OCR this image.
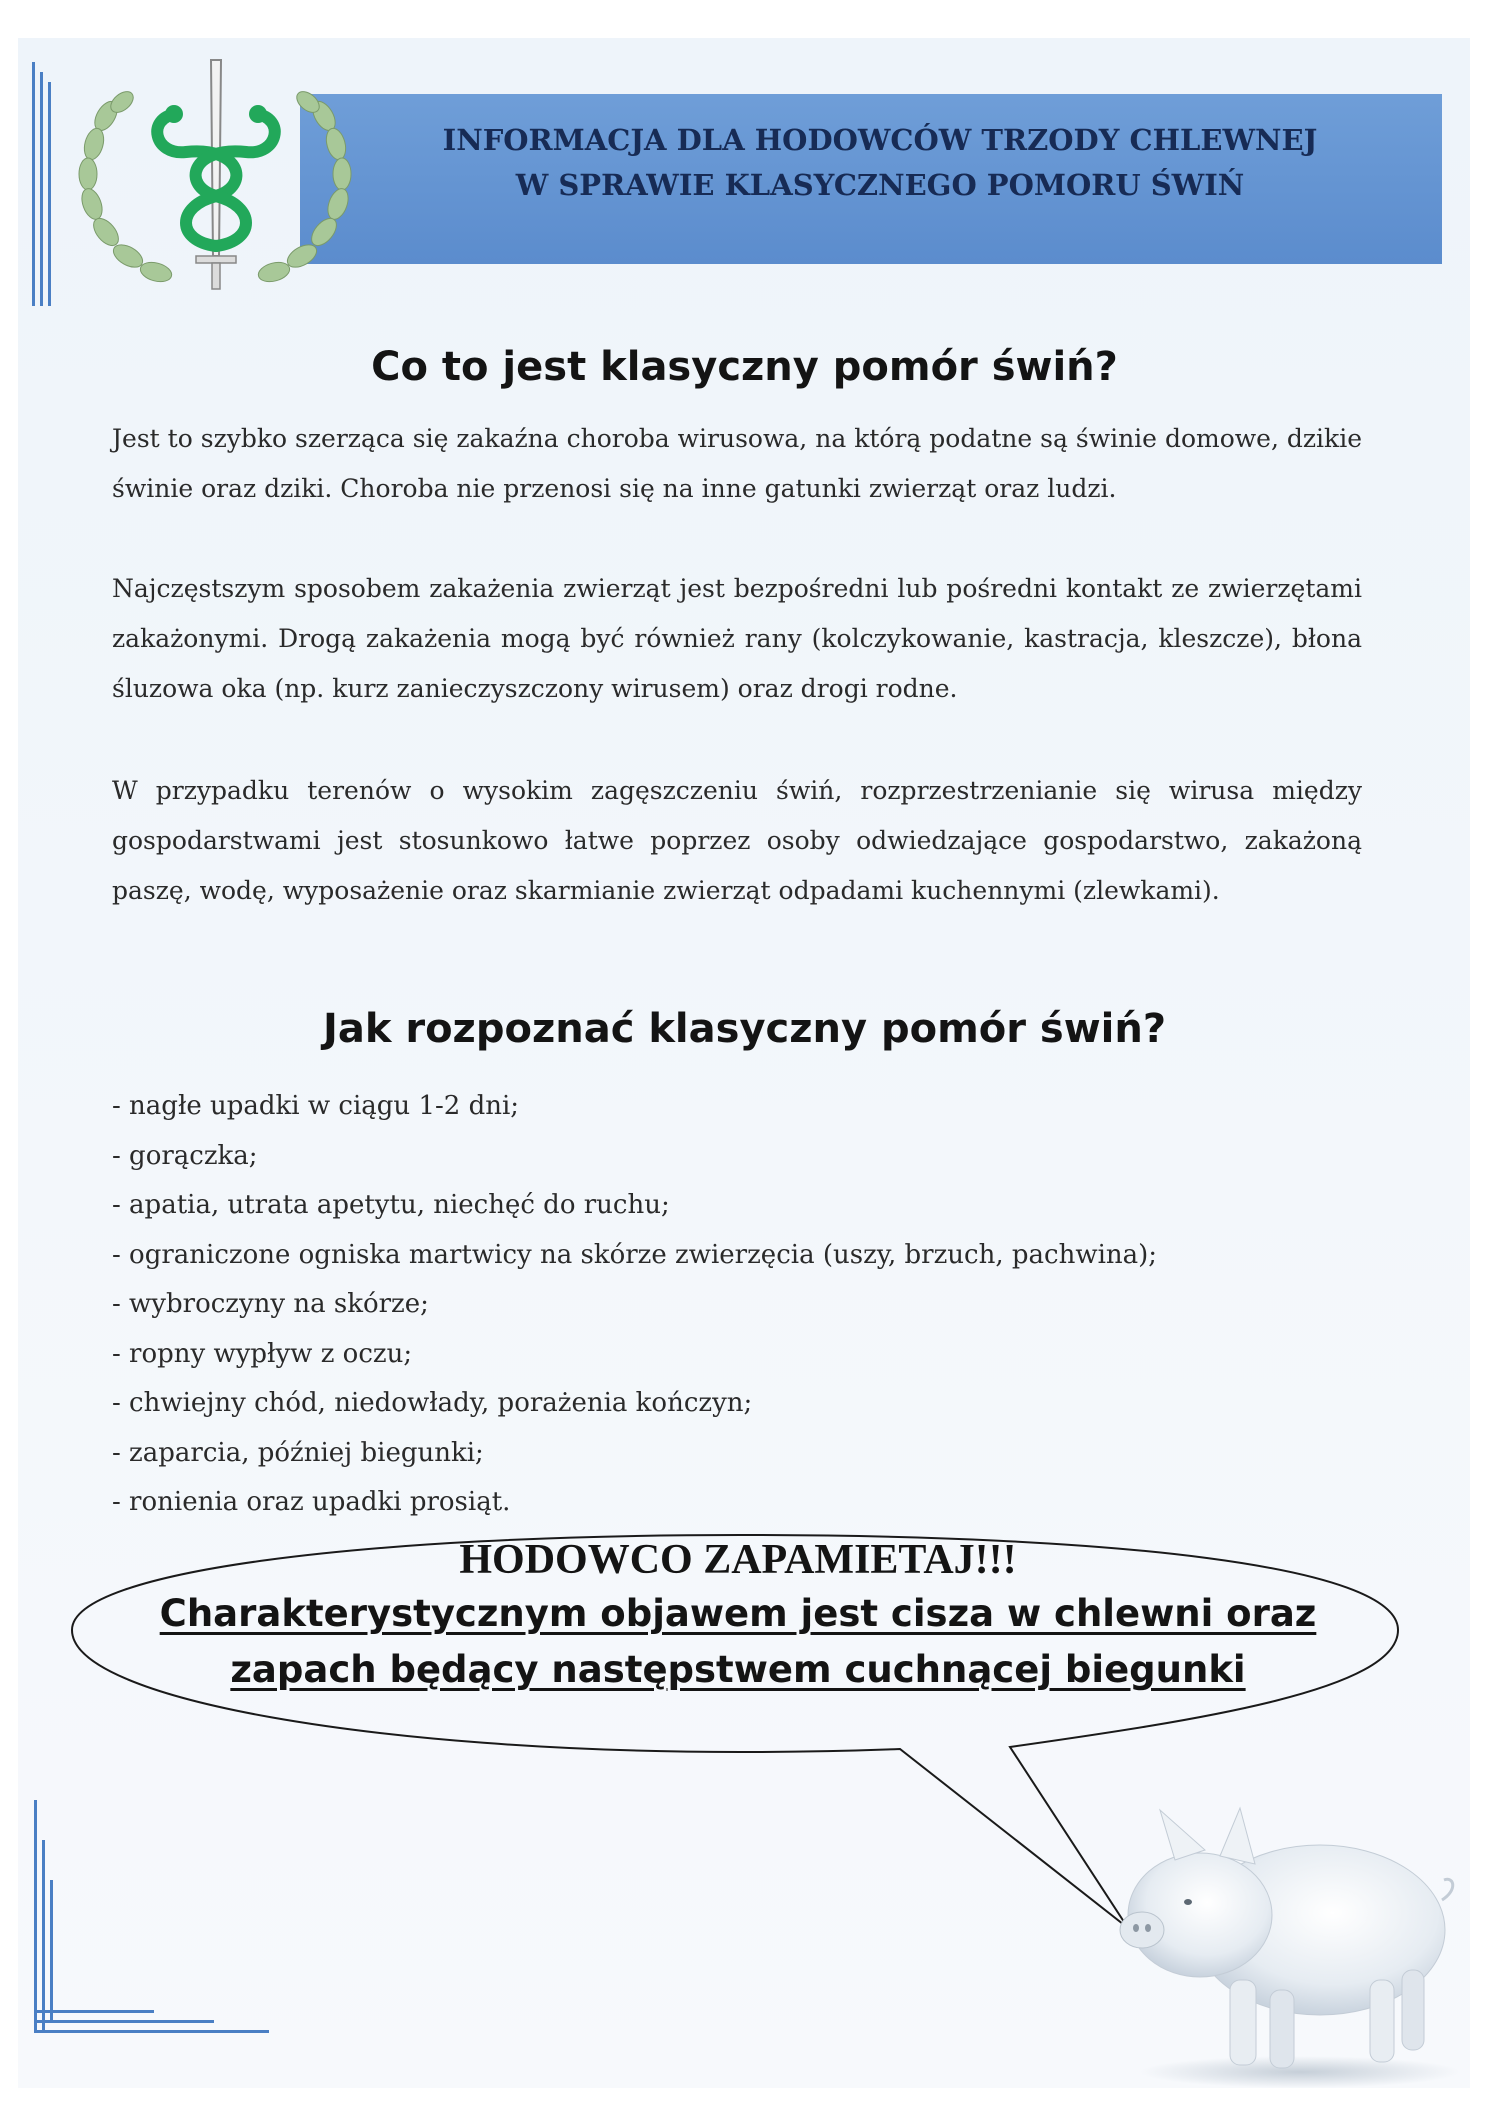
INFORMACJA DLA HODOWCÓW TRZODY CHLEWNEJ
W SPRAWIE KLASYCZNEGO POMORU ŚWIŃ
Co to jest klasyczny pomór świń?

Jest to szybko szerząca się zakaźna choroba wirusowa, na którą podatne są świnie domowe, dzikie świnie oraz dziki. Choroba nie przenosi się na inne gatunki zwierząt oraz ludzi.

Najczęstszym sposobem zakażenia zwierząt jest bezpośredni lub pośredni kontakt ze zwierzętami zakażonymi. Drogą zakażenia mogą być również rany (kolczykowanie, kastracja, kleszcze), błona śluzowa oka (np. kurz zanieczyszczony wirusem) oraz drogi rodne.

W przypadku terenów o wysokim zagęszczeniu świń, rozprzestrzenianie się wirusa między gospodarstwami jest stosunkowo łatwe poprzez osoby odwiedzające gospodarstwo, zakażoną paszę, wodę, wyposażenie oraz skarmianie zwierząt odpadami kuchennymi (zlewkami).

Jak rozpoznać klasyczny pomór świń?
- nagłe upadki w ciągu 1-2 dni;
- gorączka;
- apatia, utrata apetytu, niechęć do ruchu;
- ograniczone ogniska martwicy na skórze zwierzęcia (uszy, brzuch, pachwina);
- wybroczyny na skórze;
- ropny wypływ z oczu;
- chwiejny chód, niedowłady, porażenia kończyn;
- zaparcia, później biegunki;
- ronienia oraz upadki prosiąt.
HODOWCO ZAPAMIETAJ!!!
Charakterystycznym objawem jest cisza w chlewni oraz
zapach będący następstwem cuchnącej biegunki
